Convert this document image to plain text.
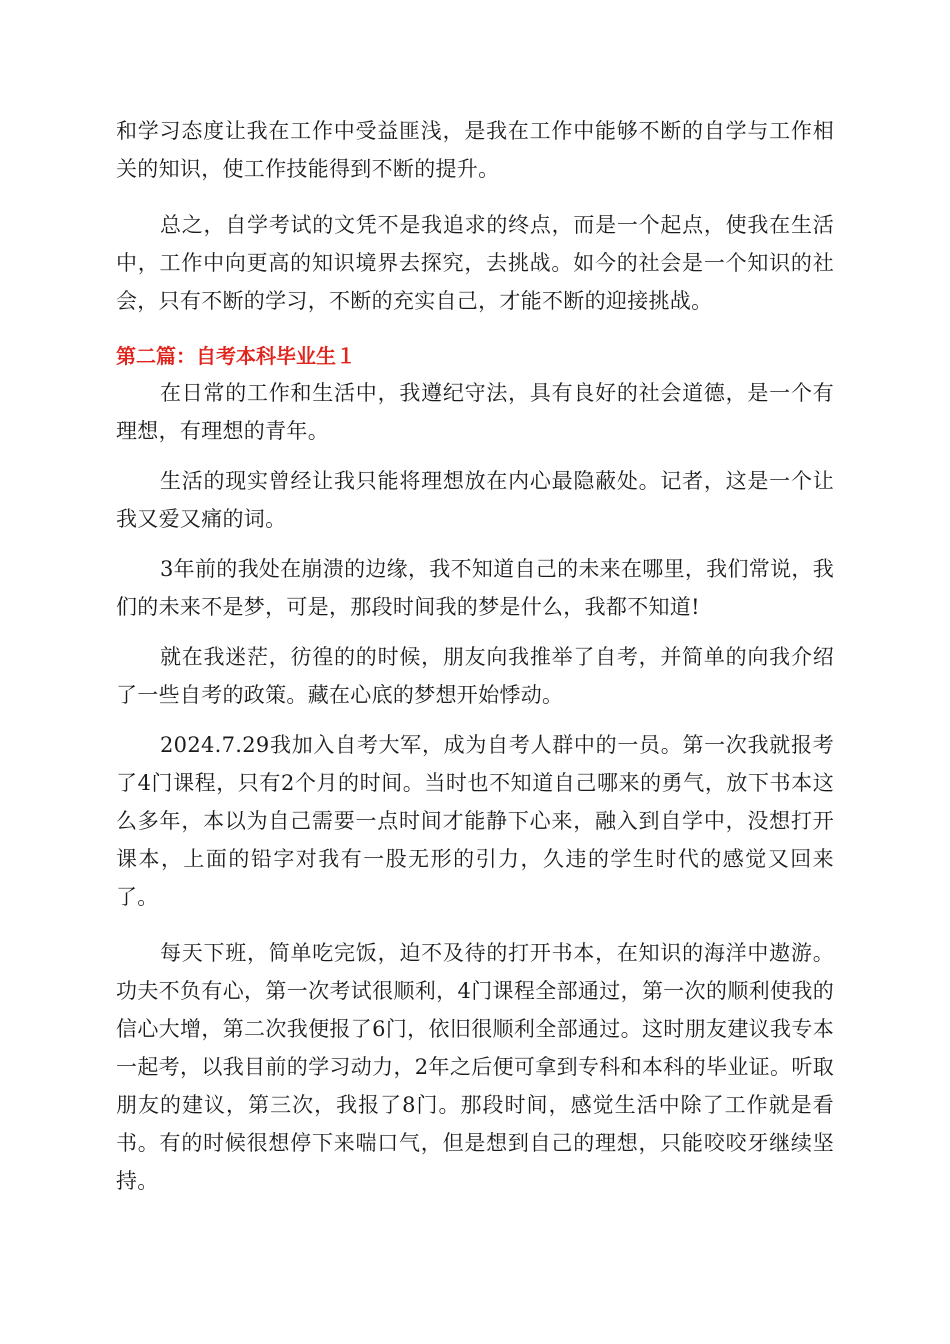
和学习态度让我在工作中受益匪浅，是我在工作中能够不断的自学与工作相关的知识，使工作技能得到不断的提升。

总之，自学考试的文凭不是我追求的终点，而是一个起点，使我在生活中，工作中向更高的知识境界去探究，去挑战。如今的社会是一个知识的社会，只有不断的学习，不断的充实自己，才能不断的迎接挑战。

第二篇：自考本科毕业生１

在日常的工作和生活中，我遵纪守法，具有良好的社会道德，是一个有理想，有理想的青年。

生活的现实曾经让我只能将理想放在内心最隐蔽处。记者，这是一个让我又爱又痛的词。

3年前的我处在崩溃的边缘，我不知道自己的未来在哪里，我们常说，我们的未来不是梦，可是，那段时间我的梦是什么，我都不知道!

就在我迷茫，彷徨的的时候，朋友向我推举了自考，并简单的向我介绍了一些自考的政策。藏在心底的梦想开始悸动。

2024.7.29我加入自考大军，成为自考人群中的一员。第一次我就报考了4门课程，只有2个月的时间。当时也不知道自己哪来的勇气，放下书本这么多年，本以为自己需要一点时间才能静下心来，融入到自学中，没想打开课本，上面的铅字对我有一股无形的引力，久违的学生时代的感觉又回来了。

每天下班，简单吃完饭，迫不及待的打开书本，在知识的海洋中遨游。功夫不负有心，第一次考试很顺利，4门课程全部通过，第一次的顺利使我的信心大增，第二次我便报了6门，依旧很顺利全部通过。这时朋友建议我专本一起考，以我目前的学习动力，2年之后便可拿到专科和本科的毕业证。听取朋友的建议，第三次，我报了8门。那段时间，感觉生活中除了工作就是看书。有的时候很想停下来喘口气，但是想到自己的理想，只能咬咬牙继续坚持。
